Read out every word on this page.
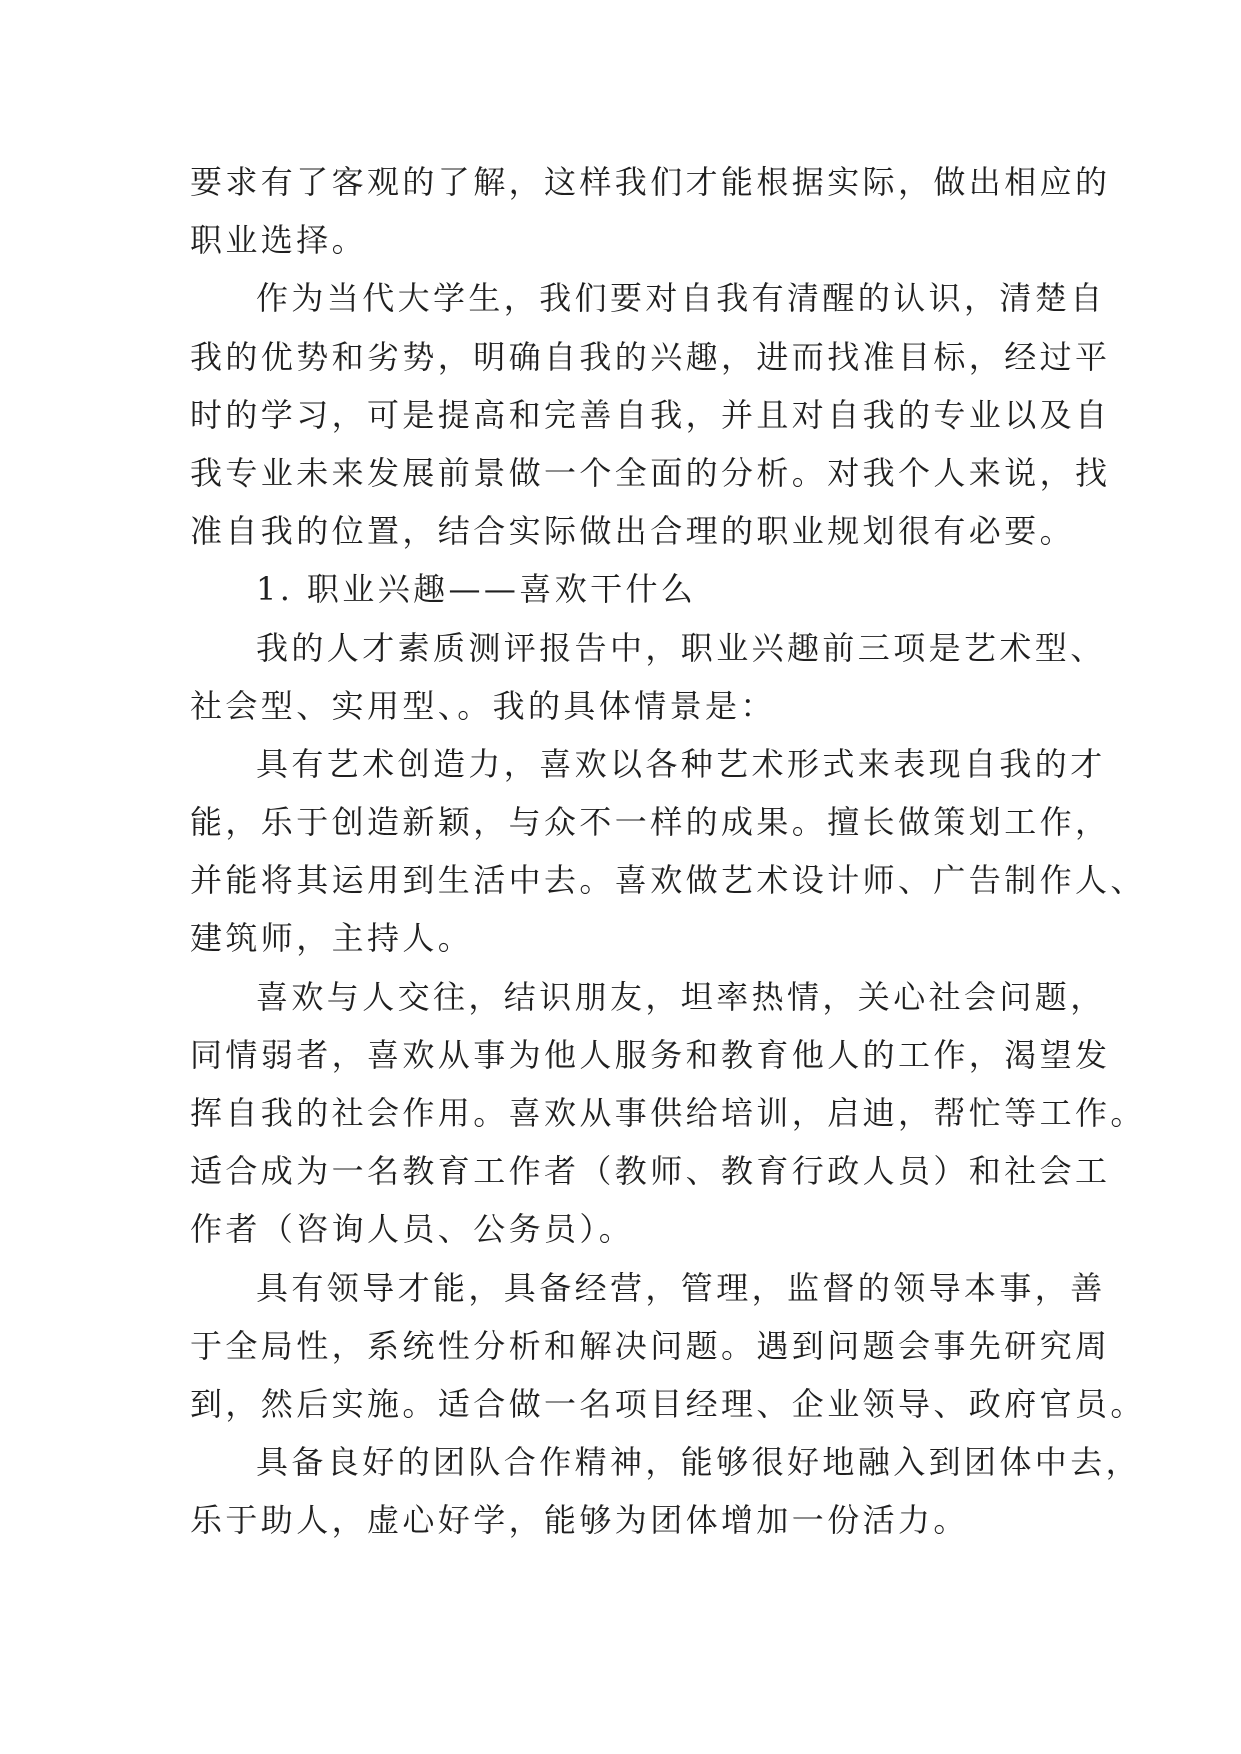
要求有了客观的了解，这样我们才能根据实际，做出相应的
职业选择。
作为当代大学生，我们要对自我有清醒的认识，清楚自
我的优势和劣势，明确自我的兴趣，进而找准目标，经过平
时的学习，可是提高和完善自我，并且对自我的专业以及自
我专业未来发展前景做一个全面的分析。对我个人来说，找
准自我的位置，结合实际做出合理的职业规划很有必要。
1. 职业兴趣——喜欢干什么
我的人才素质测评报告中，职业兴趣前三项是艺术型、
社会型、实用型、。我的具体情景是：
具有艺术创造力，喜欢以各种艺术形式来表现自我的才
能，乐于创造新颖，与众不一样的成果。擅长做策划工作，
并能将其运用到生活中去。喜欢做艺术设计师、广告制作人、
建筑师，主持人。
喜欢与人交往，结识朋友，坦率热情，关心社会问题，
同情弱者，喜欢从事为他人服务和教育他人的工作，渴望发
挥自我的社会作用。喜欢从事供给培训，启迪，帮忙等工作。
适合成为一名教育工作者（教师、教育行政人员）和社会工
作者（咨询人员、公务员）。
具有领导才能，具备经营，管理，监督的领导本事，善
于全局性，系统性分析和解决问题。遇到问题会事先研究周
到，然后实施。适合做一名项目经理、企业领导、政府官员。
具备良好的团队合作精神，能够很好地融入到团体中去，
乐于助人，虚心好学，能够为团体增加一份活力。
